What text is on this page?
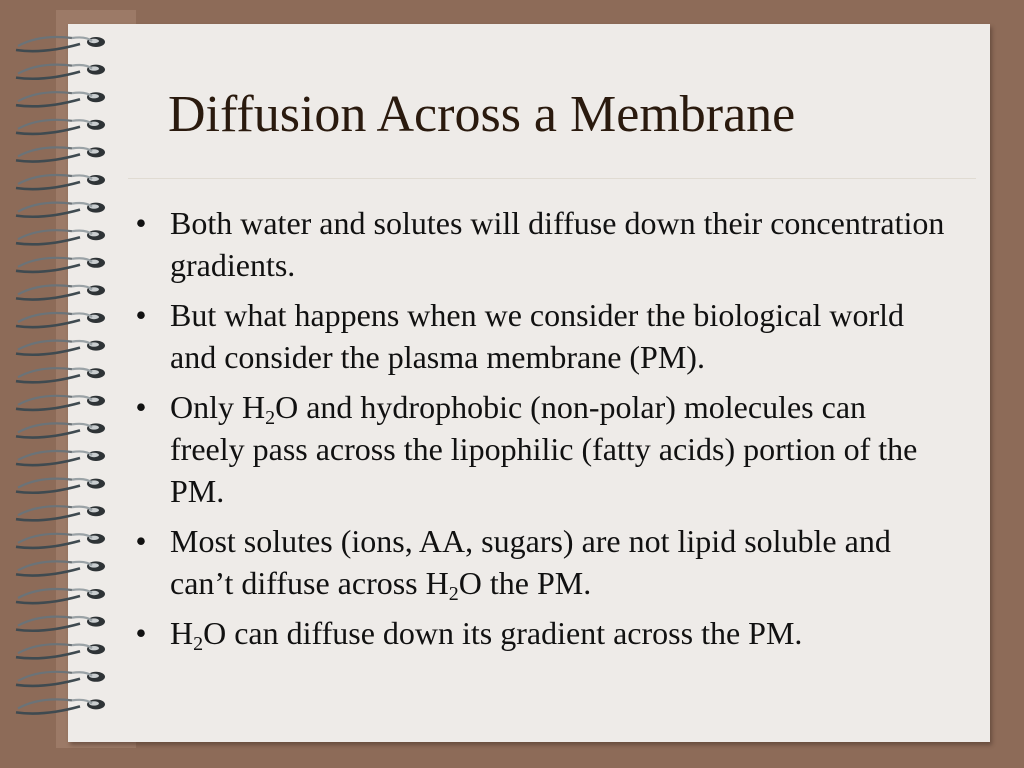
Diffusion Across a Membrane
• Both water and solutes will diffuse down their concentration gradients.
• But what happens when we consider the biological world and consider the plasma membrane (PM).
• Only $H_2O$ and hydrophobic (non-polar) molecules can freely pass across the lipophilic (fatty acids) portion of the PM.
• Most solutes (ions, AA, sugars) are not lipid soluble and can’t diffuse across $H_2O$ the PM.
• $H_2O$ can diffuse down its gradient across the PM.
